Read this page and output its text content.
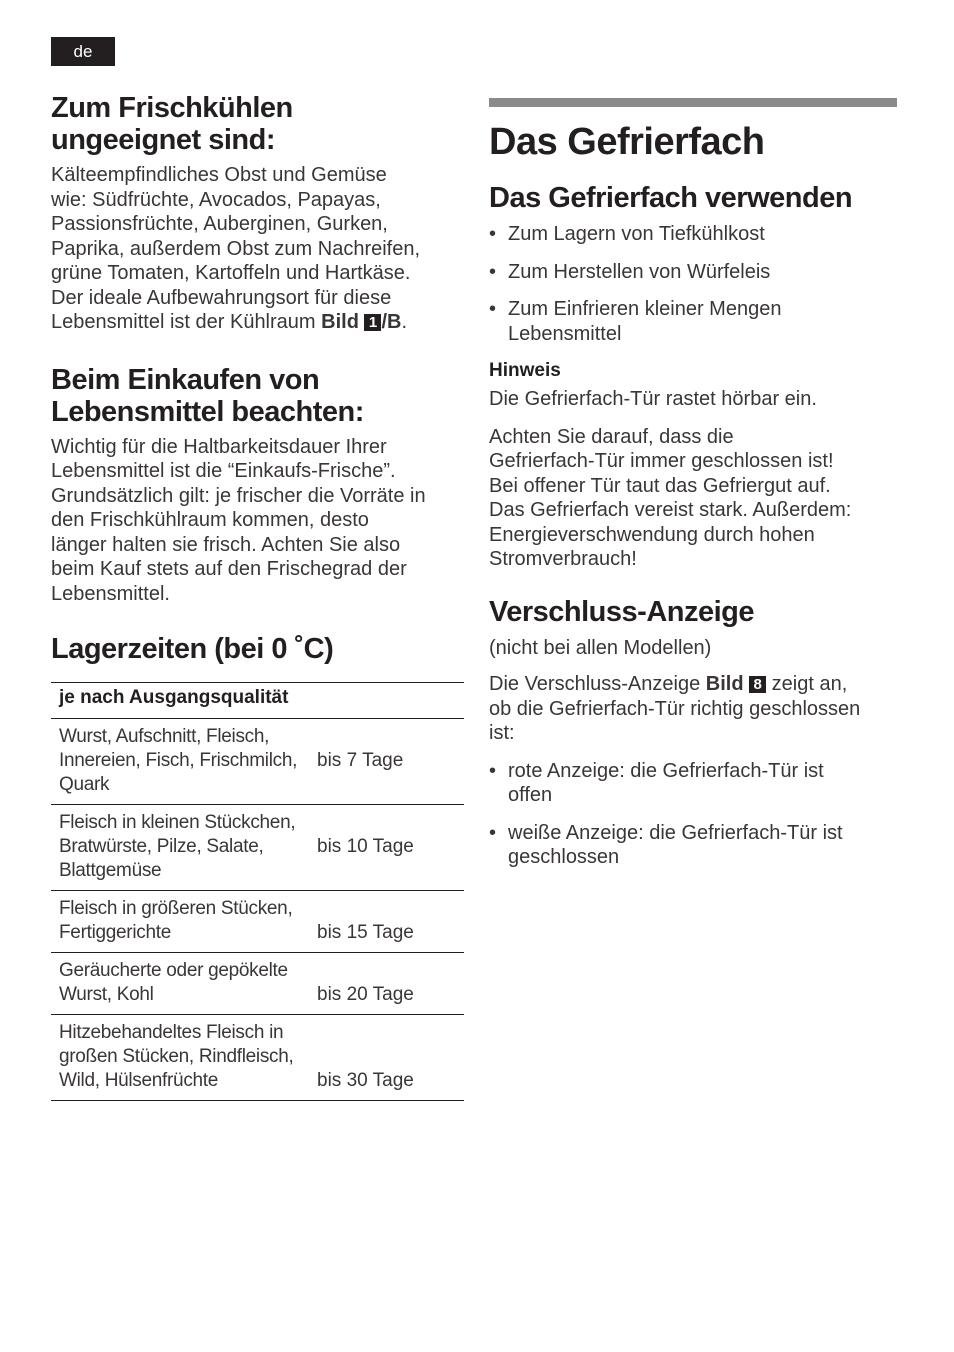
de
Zum Frischkühlen
ungeeignet sind:

Kälteempfindliches Obst und Gemüse
wie: Südfrüchte, Avocados, Papayas,
Passionsfrüchte, Auberginen, Gurken,
Paprika, außerdem Obst zum Nachreifen,
grüne Tomaten, Kartoffeln und Hartkäse.
Der ideale Aufbewahrungsort für diese
Lebensmittel ist der Kühlraum Bild 1 /B.

Beim Einkaufen von
Lebensmittel beachten:

Wichtig für die Haltbarkeitsdauer Ihrer
Lebensmittel ist die “Einkaufs-Frische”.
Grundsätzlich gilt: je frischer die Vorräte in
den Frischkühlraum kommen, desto
länger halten sie frisch. Achten Sie also
beim Kauf stets auf den Frischegrad der
Lebensmittel.

Lagerzeiten (bei 0 ˚C)
je nach Ausgangsqualität	
Wurst, Aufschnitt, Fleisch,
Innereien, Fisch, Frischmilch,
Quark	bis 7 Tage
Fleisch in kleinen Stückchen,
Bratwürste, Pilze, Salate,
Blattgemüse	bis 10 Tage
Fleisch in größeren Stücken,
Fertiggerichte	bis 15 Tage
Geräucherte oder gepökelte
Wurst, Kohl	bis 20 Tage
Hitzebehandeltes Fleisch in
großen Stücken, Rindfleisch,
Wild, Hülsenfrüchte	bis 30 Tage
Das Gefrierfach
Das Gefrierfach verwenden
• Zum Lagern von Tiefkühlkost
• Zum Herstellen von Würfeleis
• Zum Einfrieren kleiner Mengen
Lebensmittel
Hinweis

Die Gefrierfach-Tür rastet hörbar ein.

Achten Sie darauf, dass die
Gefrierfach-Tür immer geschlossen ist!
Bei offener Tür taut das Gefriergut auf.
Das Gefrierfach vereist stark. Außerdem:
Energieverschwendung durch hohen
Stromverbrauch!

Verschluss-Anzeige

(nicht bei allen Modellen)

Die Verschluss-Anzeige Bild 8 zeigt an,
ob die Gefrierfach-Tür richtig geschlossen
ist:

• rote Anzeige: die Gefrierfach-Tür ist
offen
• weiße Anzeige: die Gefrierfach-Tür ist
geschlossen
